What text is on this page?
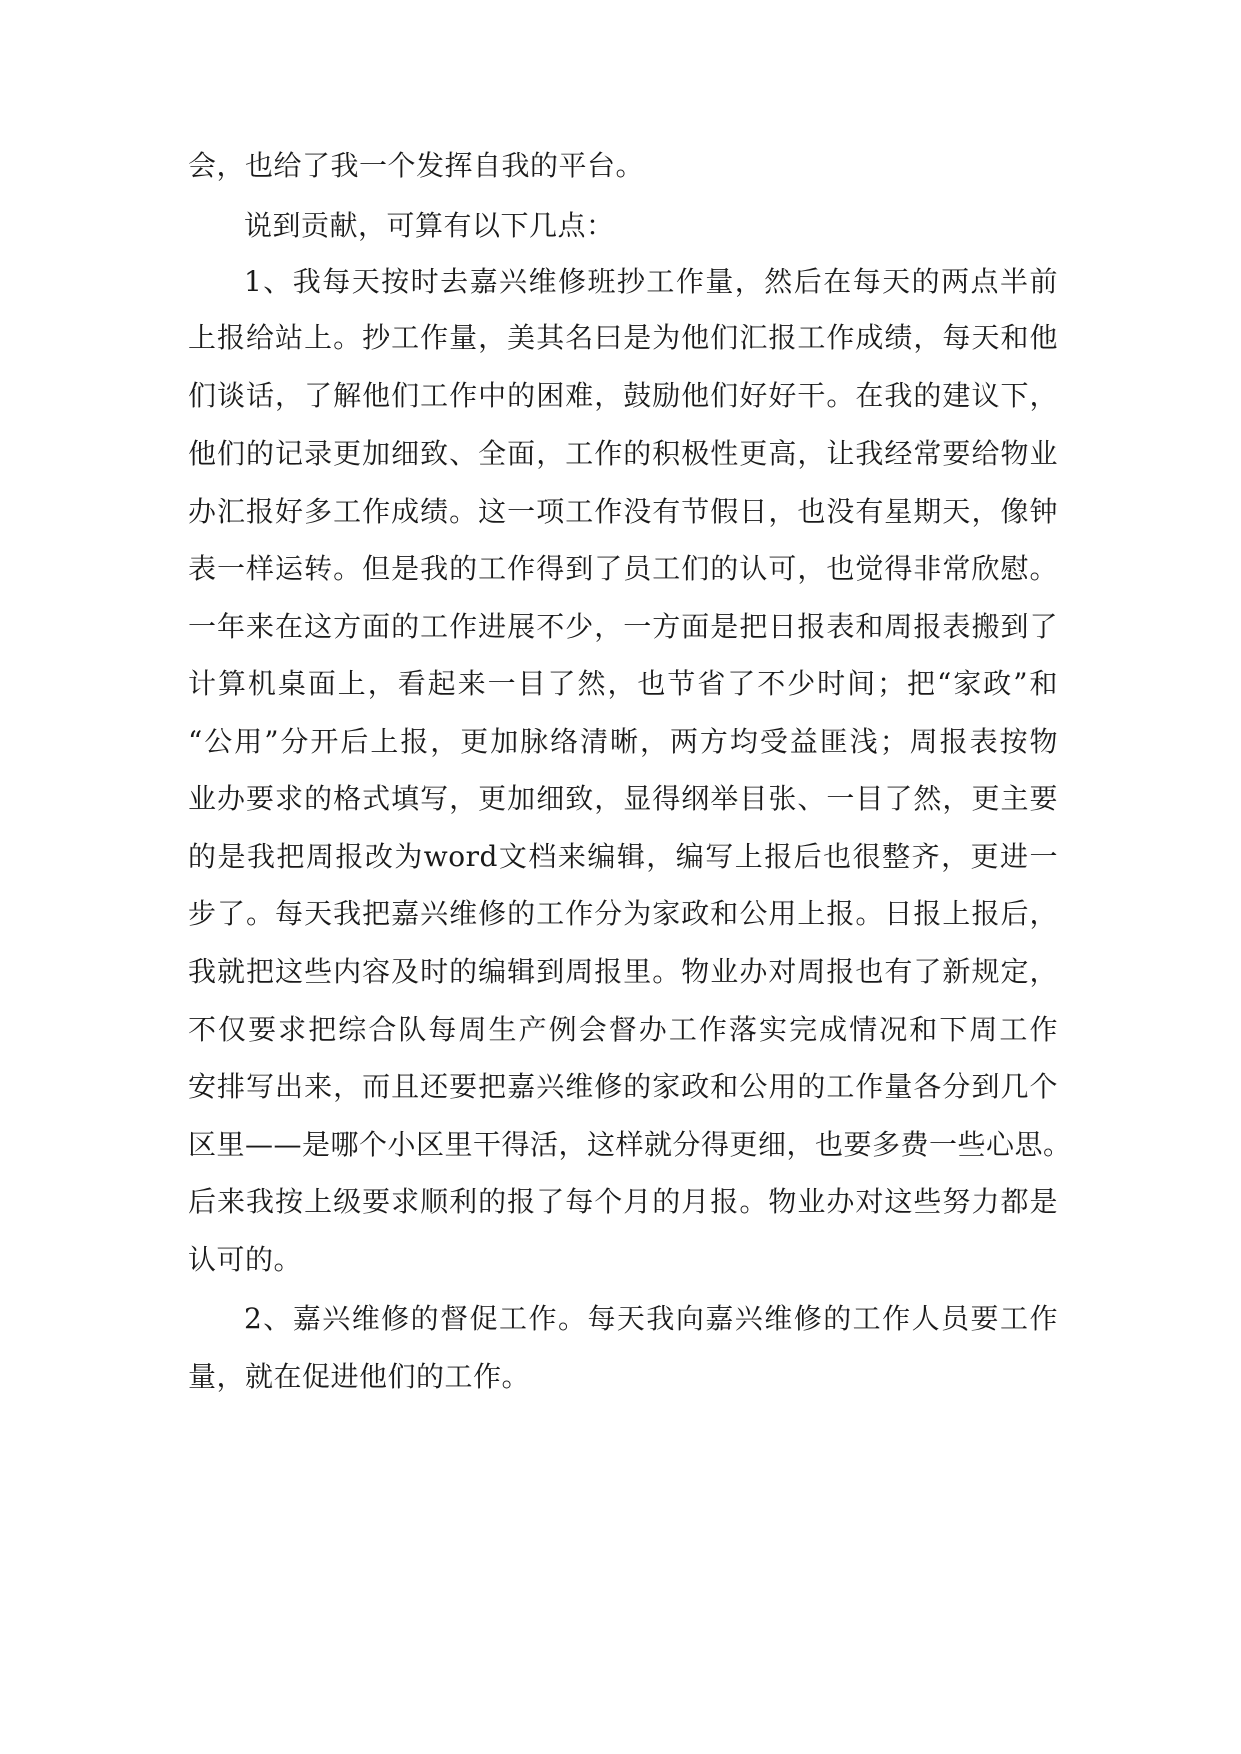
会，也给了我一个发挥自我的平台。
说到贡献，可算有以下几点：
1、我每天按时去嘉兴维修班抄工作量，然后在每天的两点半前
上报给站上。抄工作量，美其名曰是为他们汇报工作成绩，每天和他
们谈话，了解他们工作中的困难，鼓励他们好好干。在我的建议下，
他们的记录更加细致、全面，工作的积极性更高，让我经常要给物业
办汇报好多工作成绩。这一项工作没有节假日，也没有星期天，像钟
表一样运转。但是我的工作得到了员工们的认可，也觉得非常欣慰。
一年来在这方面的工作进展不少，一方面是把日报表和周报表搬到了
计算机桌面上，看起来一目了然，也节省了不少时间；把“家政”和
“公用”分开后上报，更加脉络清晰，两方均受益匪浅；周报表按物
业办要求的格式填写，更加细致，显得纲举目张、一目了然，更主要
的是我把周报改为word文档来编辑，编写上报后也很整齐，更进一
步了。每天我把嘉兴维修的工作分为家政和公用上报。日报上报后，
我就把这些内容及时的编辑到周报里。物业办对周报也有了新规定，
不仅要求把综合队每周生产例会督办工作落实完成情况和下周工作
安排写出来，而且还要把嘉兴维修的家政和公用的工作量各分到几个
区里——是哪个小区里干得活，这样就分得更细，也要多费一些心思。
后来我按上级要求顺利的报了每个月的月报。物业办对这些努力都是
认可的。
2、嘉兴维修的督促工作。每天我向嘉兴维修的工作人员要工作
量，就在促进他们的工作。
